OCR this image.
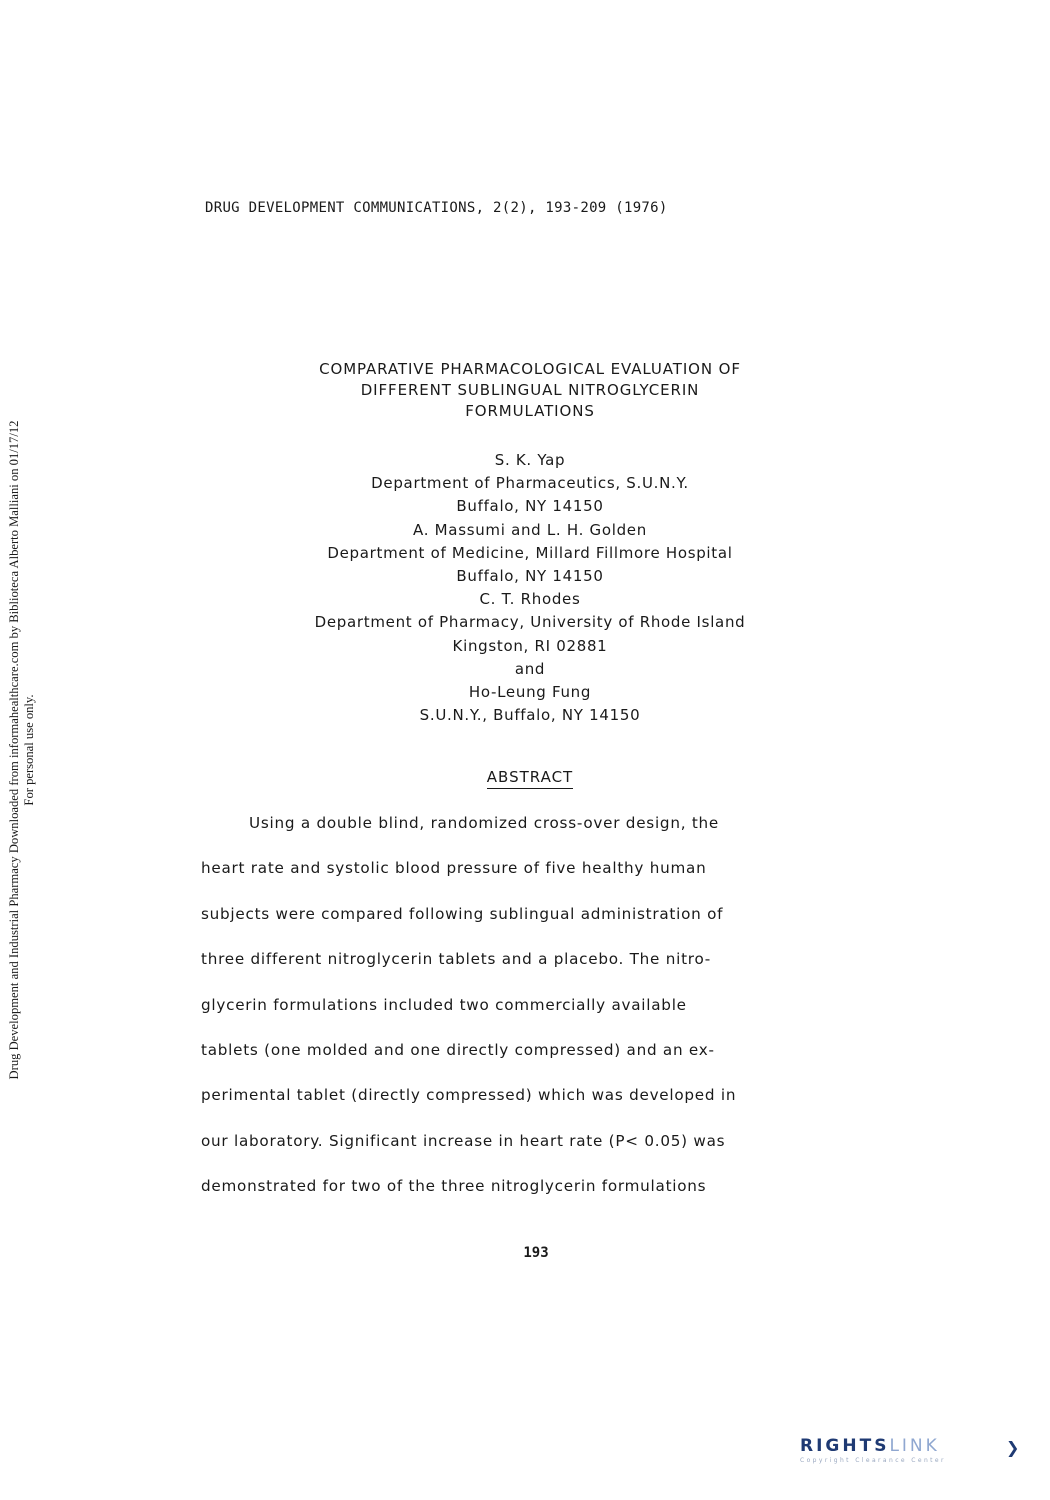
DRUG DEVELOPMENT COMMUNICATIONS, 2(2), 193-209 (1976)
Drug Development and Industrial Pharmacy Downloaded from informahealthcare.com by Biblioteca Alberto Malliani on 01/17/12 For personal use only.
COMPARATIVE PHARMACOLOGICAL EVALUATION OF
DIFFERENT SUBLINGUAL NITROGLYCERIN
FORMULATIONS
S. K. Yap
Department of Pharmaceutics, S.U.N.Y.
Buffalo, NY 14150
A. Massumi and L. H. Golden
Department of Medicine, Millard Fillmore Hospital
Buffalo, NY 14150
C. T. Rhodes
Department of Pharmacy, University of Rhode Island
Kingston, RI 02881
and
Ho-Leung Fung
S.U.N.Y., Buffalo, NY 14150
ABSTRACT
Using a double blind, randomized cross-over design, the
heart rate and systolic blood pressure of five healthy human
subjects were compared following sublingual administration of
three different nitroglycerin tablets and a placebo. The nitro-
glycerin formulations included two commercially available
tablets (one molded and one directly compressed) and an ex-
perimental tablet (directly compressed) which was developed in
our laboratory. Significant increase in heart rate (P< 0.05) was
demonstrated for two of the three nitroglycerin formulations
193
RIGHTSLINK
Copyright Clearance Center
❯
